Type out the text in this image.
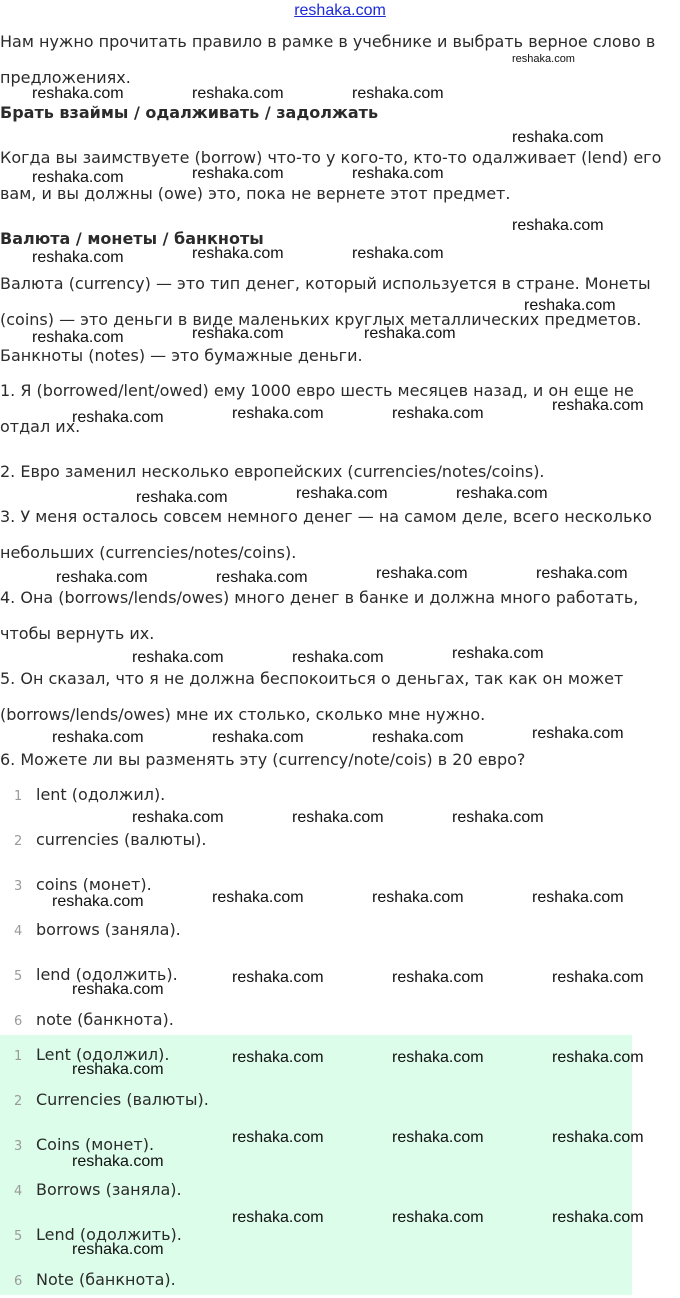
reshaka.com
Нам нужно прочитать правило в рамке в учебнике и выбрать верное слово в
предложениях.
Брать взаймы / одалживать / задолжать
Когда вы заимствуете (borrow) что-то у кого-то, кто-то одалживает (lend) его
вам, и вы должны (owe) это, пока не вернете этот предмет.
Валюта / монеты / банкноты
Валюта (currency) — это тип денег, который используется в стране. Монеты
(coins) — это деньги в виде маленьких круглых металлических предметов.
Банкноты (notes) — это бумажные деньги.
1. Я (borrowed/lent/owed) ему 1000 евро шесть месяцев назад, и он еще не
отдал их.
2. Евро заменил несколько европейских (currencies/notes/coins).
3. У меня осталось совсем немного денег — на самом деле, всего несколько
небольших (currencies/notes/coins).
4. Она (borrows/lends/owes) много денег в банке и должна много работать,
чтобы вернуть их.
5. Он сказал, что я не должна беспокоиться о деньгах, так как он может
(borrows/lends/owes) мне их столько, сколько мне нужно.
6. Можете ли вы разменять эту (currency/note/cois) в 20 евро?
1 lent (одолжил).
2 currencies (валюты).
3 coins (монет).
4 borrows (заняла).
5 lend (одолжить).
6 note (банкнота).
1 Lent (одолжил).
2 Currencies (валюты).
3 Coins (монет).
4 Borrows (заняла).
5 Lend (одолжить).
6 Note (банкнота).
reshaka.com
reshaka.com	reshaka.com	reshaka.com
reshaka.com
reshaka.com	reshaka.com	reshaka.com
reshaka.com
reshaka.com	reshaka.com	reshaka.com
reshaka.com
reshaka.com	reshaka.com	reshaka.com
reshaka.com
reshaka.com	reshaka.com	reshaka.com
reshaka.com	reshaka.com	reshaka.com
reshaka.com	reshaka.com	reshaka.com	reshaka.com
reshaka.com	reshaka.com	reshaka.com
reshaka.com	reshaka.com	reshaka.com	reshaka.com
reshaka.com	reshaka.com	reshaka.com
reshaka.com	reshaka.com	reshaka.com	reshaka.com
reshaka.com	reshaka.com	reshaka.com
reshaka.com
reshaka.com	reshaka.com	reshaka.com
reshaka.com
reshaka.com	reshaka.com	reshaka.com
reshaka.com
reshaka.com	reshaka.com	reshaka.com
reshaka.com
